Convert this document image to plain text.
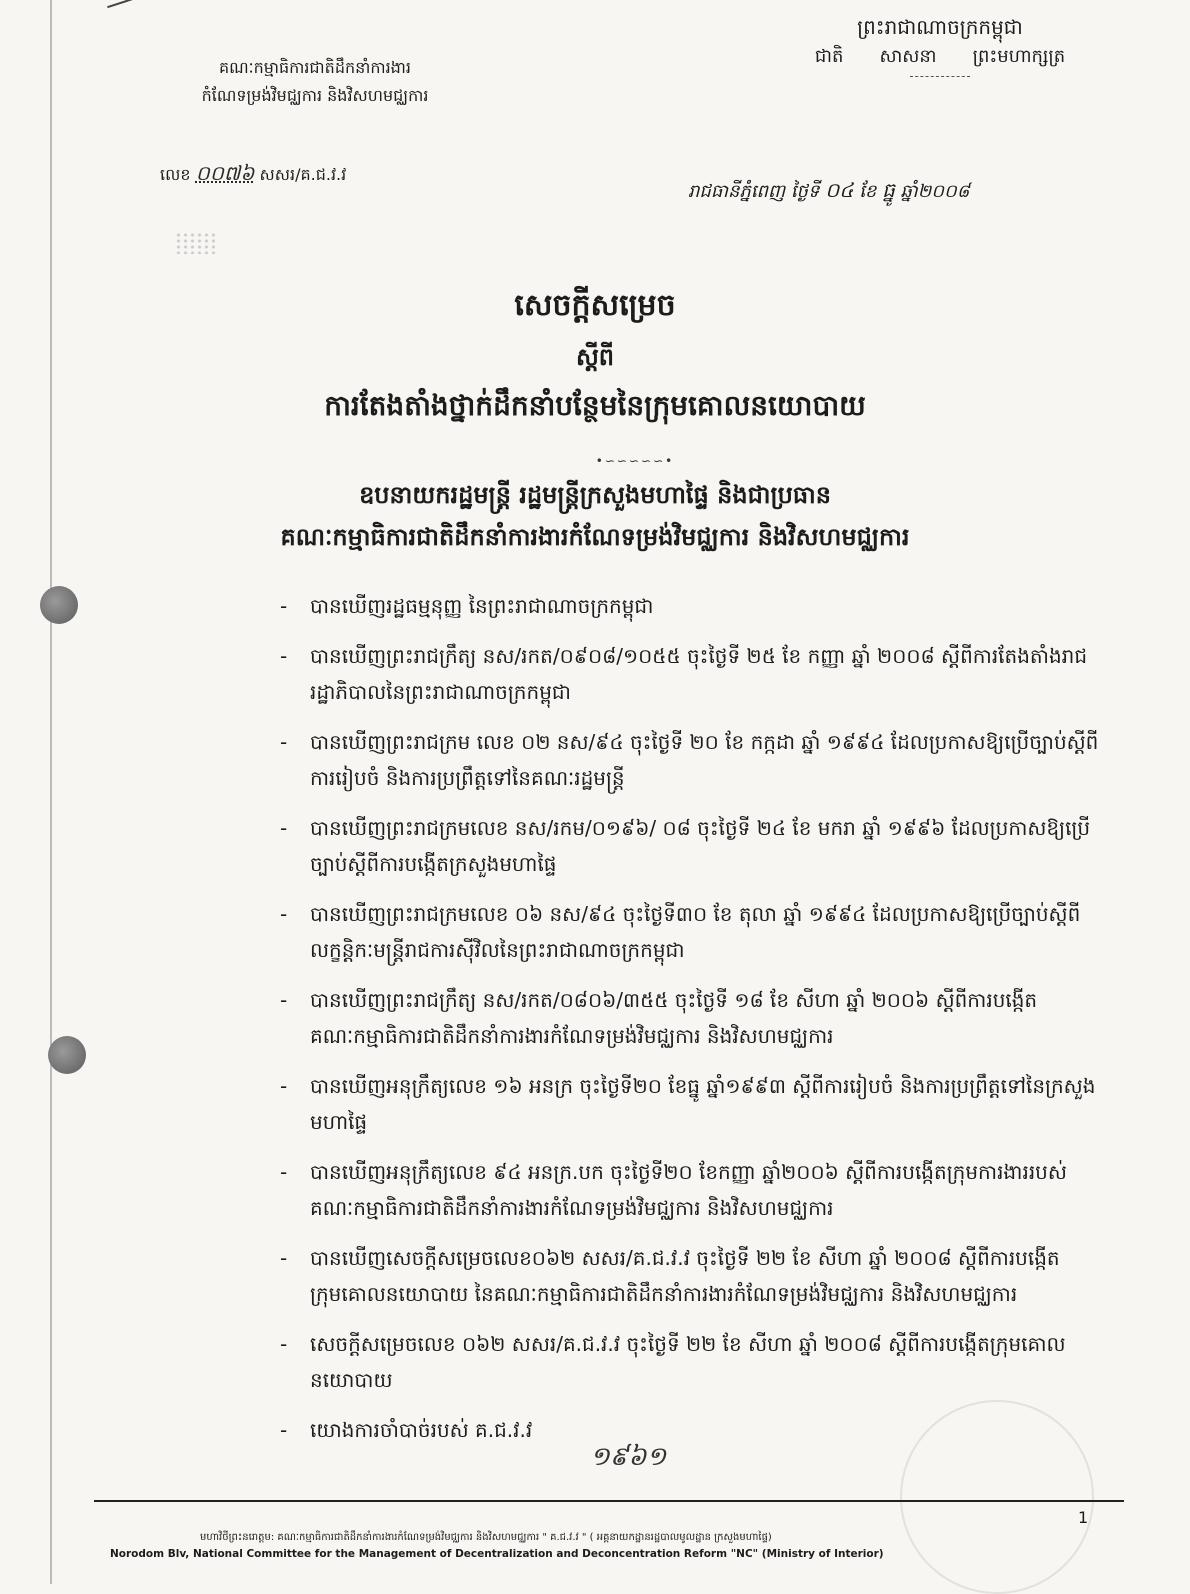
គណៈកម្មាធិការជាតិដឹកនាំការងារ
កំណែទម្រង់វិមជ្ឈការ និងវិសហមជ្ឈការ
ព្រះរាជាណាចក្រកម្ពុជា
ជាតិ សាសនា ព្រះមហាក្សត្រ
លេខ ០០៧៦ សសរ/គ.ជ.វ.វ
រាជធានីភ្នំពេញ ថ្ងៃទី ០៤ ខែ ធ្នូ ឆ្នាំ២០០៨
សេចក្ដីសម្រេច
ស្ដីពី
ការតែងតាំងថ្នាក់ដឹកនាំបន្ថែមនៃក្រុមគោលនយោបាយ
•∽∽∽∽∽•
ឧបនាយករដ្ឋមន្ត្រី រដ្ឋមន្ត្រីក្រសួងមហាផ្ទៃ និងជាប្រធាន
គណៈកម្មាធិការជាតិដឹកនាំការងារកំណែទម្រង់វិមជ្ឈការ និងវិសហមជ្ឈការ
- បានឃើញរដ្ឋធម្មនុញ្ញ នៃព្រះរាជាណាចក្រកម្ពុជា
- បានឃើញព្រះរាជក្រឹត្យ នស/រកត/០៩០៨/១០៥៥ ចុះថ្ងៃទី ២៥ ខែ កញ្ញា ឆ្នាំ ២០០៨ ស្ដីពីការតែងតាំងរាជរដ្ឋាភិបាលនៃព្រះរាជាណាចក្រកម្ពុជា
- បានឃើញព្រះរាជក្រម លេខ ០២ នស/៩៤ ចុះថ្ងៃទី ២០ ខែ កក្កដា ឆ្នាំ ១៩៩៤ ដែលប្រកាសឱ្យប្រើច្បាប់ស្ដីពីការរៀបចំ និងការប្រព្រឹត្តទៅនៃគណៈរដ្ឋមន្ត្រី
- បានឃើញព្រះរាជក្រមលេខ នស/រកម/០១៩៦/ ០៨ ចុះថ្ងៃទី ២៤ ខែ មករា ឆ្នាំ ១៩៩៦ ដែលប្រកាសឱ្យប្រើច្បាប់ស្ដីពីការបង្កើតក្រសួងមហាផ្ទៃ
- បានឃើញព្រះរាជក្រមលេខ ០៦ នស/៩៤ ចុះថ្ងៃទី៣០ ខែ តុលា ឆ្នាំ ១៩៩៤ ដែលប្រកាសឱ្យប្រើច្បាប់ស្ដីពីលក្ខន្តិកៈមន្ត្រីរាជការស៊ីវិលនៃព្រះរាជាណាចក្រកម្ពុជា
- បានឃើញព្រះរាជក្រឹត្យ នស/រកត/០៨០៦/៣៥៥ ចុះថ្ងៃទី ១៨ ខែ សីហា ឆ្នាំ ២០០៦ ស្ដីពីការបង្កើតគណៈកម្មាធិការជាតិដឹកនាំការងារកំណែទម្រង់វិមជ្ឈការ និងវិសហមជ្ឈការ
- បានឃើញអនុក្រឹត្យលេខ ១៦ អនក្រ ចុះថ្ងៃទី២០ ខែធ្នូ ឆ្នាំ១៩៩៣ ស្ដីពីការរៀបចំ និងការប្រព្រឹត្តទៅនៃក្រសួងមហាផ្ទៃ
- បានឃើញអនុក្រឹត្យលេខ ៩៤ អនក្រ.បក ចុះថ្ងៃទី២០ ខែកញ្ញា ឆ្នាំ២០០៦ ស្ដីពីការបង្កើតក្រុមការងាររបស់គណៈកម្មាធិការជាតិដឹកនាំការងារកំណែទម្រង់វិមជ្ឈការ និងវិសហមជ្ឈការ
- បានឃើញសេចក្ដីសម្រេចលេខ០៦២ សសរ/គ.ជ.វ.វ ចុះថ្ងៃទី ២២ ខែ សីហា ឆ្នាំ ២០០៨ ស្ដីពីការបង្កើតក្រុមគោលនយោបាយ នៃគណៈកម្មាធិការជាតិដឹកនាំការងារកំណែទម្រង់វិមជ្ឈការ និងវិសហមជ្ឈការ
- សេចក្ដីសម្រេចលេខ ០៦២ សសរ/គ.ជ.វ.វ ចុះថ្ងៃទី ២២ ខែ សីហា ឆ្នាំ ២០០៨ ស្ដីពីការបង្កើតក្រុមគោលនយោបាយ
- យោងការចាំបាច់របស់ គ.ជ.វ.វ
១៩៦១
1
មហាវិថីព្រះនរោត្ដម: គណៈកម្មាធិការជាតិដឹកនាំការងារកំណែទម្រង់វិមជ្ឈការ និងវិសហមជ្ឈការ " គ.ជ.វ.វ " ( អគ្គនាយកដ្ឋានរដ្ឋបាលមូលដ្ឋាន ក្រសួងមហាផ្ទៃ)
Norodom Blv, National Committee for the Management of Decentralization and Deconcentration Reform "NC" (Ministry of Interior)
